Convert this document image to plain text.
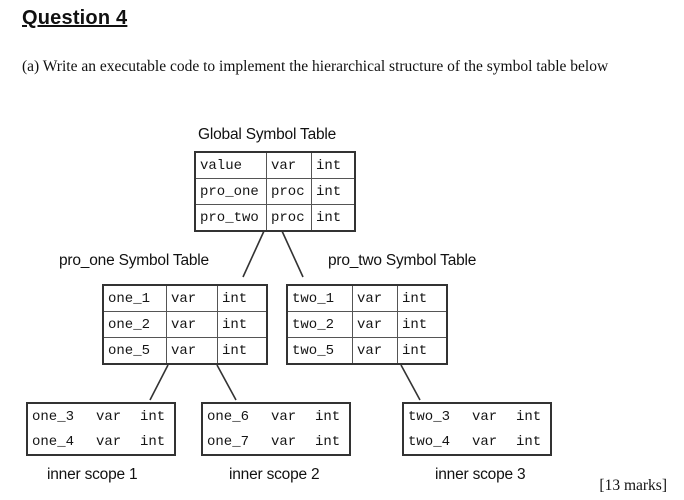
Question 4
(a) Write an executable code to implement the hierarchical structure of the symbol table below
Global Symbol Table
value	var	int
pro_one	proc	int
pro_two	proc	int
pro_one Symbol Table
one_1	var	int
one_2	var	int
one_5	var	int
pro_two Symbol Table
two_1	var	int
two_2	var	int
two_5	var	int
one_3	var	int
one_4	var	int
inner scope 1
one_6	var	int
one_7	var	int
inner scope 2
two_3	var	int
two_4	var	int
inner scope 3
[13 marks]
